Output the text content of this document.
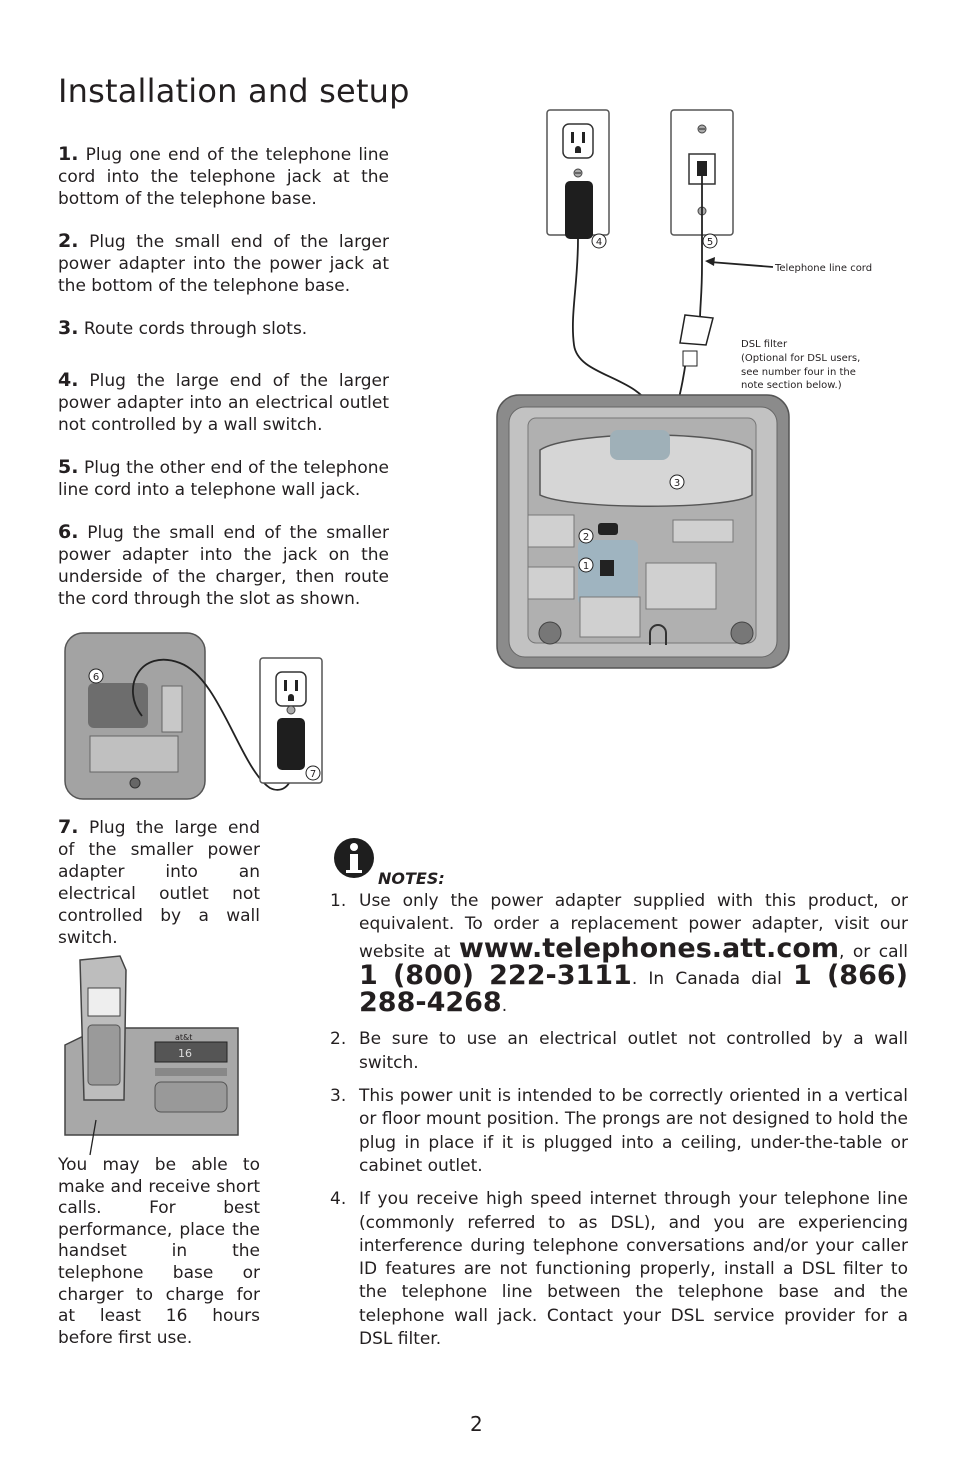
Installation and setup

1. Plug one end of the telephone line cord into the telephone jack at the bottom of the telephone base.

2. Plug the small end of the larger power adapter into the power jack at the bottom of the telephone base.

3. Route cords through slots.

4. Plug the large end of the larger power adapter into an electrical outlet not controlled by a wall switch.

5. Plug the other end of the telephone line cord into a telephone wall jack.

6. Plug the small end of the smaller power adapter into the jack on the underside of the charger, then route the cord through the slot as shown.

7. Plug the large end of the smaller power adapter into an electrical outlet not controlled by a wall switch.

4	5
Telephone line cord
DSL filter
(Optional for DSL users,
see number four in the
note section below.)
1
2
3
6
7
16
at&t

You may be able to make and receive short calls. For best performance, place the handset in the telephone base or charger to charge for at least 16 hours before first use.

NOTES:
1. Use only the power adapter supplied with this product, or equivalent. To order a replacement power adapter, visit our website at www.telephones.att.com, or call 1 (800) 222-3111. In Canada dial 1 (866) 288-4268.
2. Be sure to use an electrical outlet not controlled by a wall switch.
3. This power unit is intended to be correctly oriented in a vertical or floor mount position. The prongs are not designed to hold the plug in place if it is plugged into a ceiling, under-the-table or cabinet outlet.
4. If you receive high speed internet through your telephone line (commonly referred to as DSL), and you are experiencing interference during telephone conversations and/or your caller ID features are not functioning properly, install a DSL filter to the telephone line between the telephone base and the telephone wall jack. Contact your DSL service provider for a DSL filter.
2
